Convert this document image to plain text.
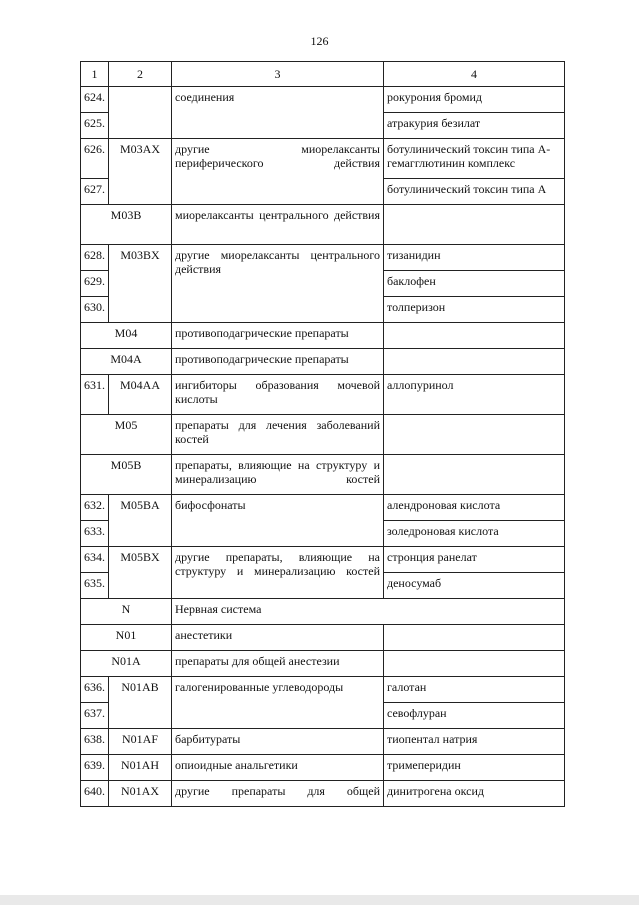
126
1	2	3	4
624.		соединения	рокурония бромид
625.			атракурия безилат
626.	M03AX	другие миорелаксанты периферического действия	ботулинический токсин типа А-гемагглютинин комплекс
627.			ботулинический токсин типа А
M03B		миорелаксанты центрального действия	
628.	M03BX	другие миорелаксанты центрального действия	тизанидин
629.			баклофен
630.			толперизон
M04		противоподагрические препараты	
M04A		противоподагрические препараты	
631.	M04AA	ингибиторы образования мочевой кислоты	аллопуринол
M05		препараты для лечения заболеваний костей	
M05B		препараты, влияющие на структуру и минерализацию костей	
632.	M05BA	бифосфонаты	алендроновая кислота
633.			золедроновая кислота
634.	M05BX	другие препараты, влияющие на структуру и минерализацию костей	стронция ранелат
635.			деносумаб
N		Нервная система	
N01		анестетики	
N01A		препараты для общей анестезии	
636.	N01AB	галогенированные углеводороды	галотан
637.			севофлуран
638.	N01AF	барбитураты	тиопентал натрия
639.	N01AH	опиоидные анальгетики	тримеперидин
640.	N01AX	другие препараты для общей	динитрогена оксид
